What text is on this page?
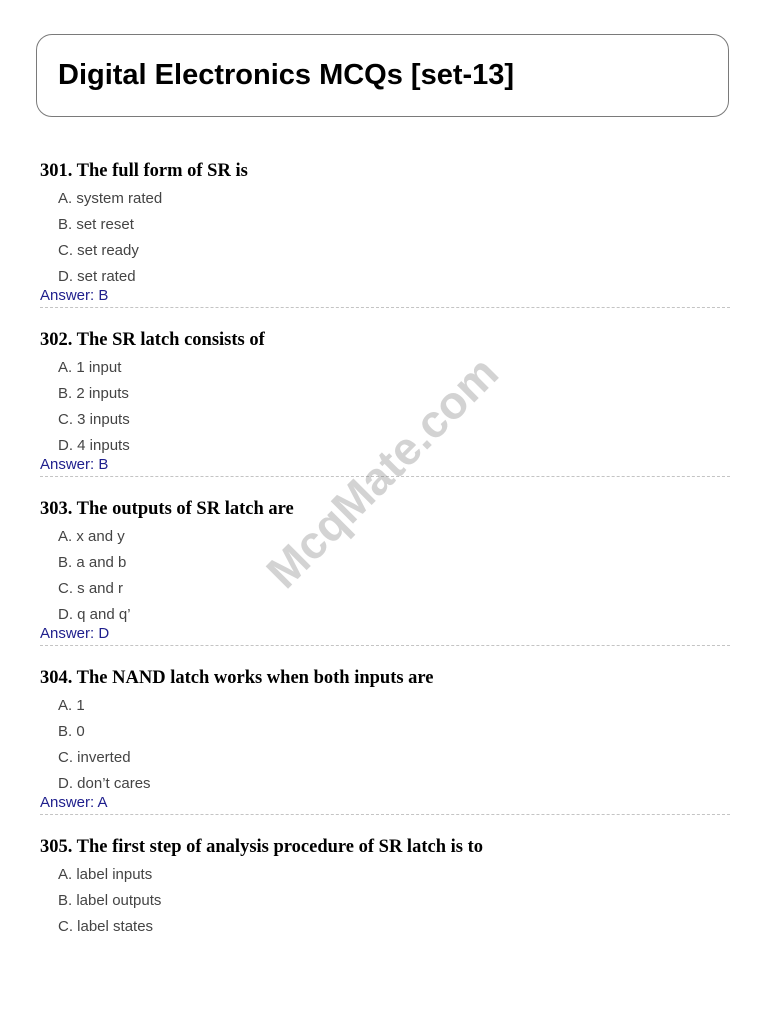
Digital Electronics MCQs [set-13]
301. The full form of SR is
A. system rated
B. set reset
C. set ready
D. set rated
Answer: B
302. The SR latch consists of
A. 1 input
B. 2 inputs
C. 3 inputs
D. 4 inputs
Answer: B
303. The outputs of SR latch are
A. x and y
B. a and b
C. s and r
D. q and q’
Answer: D
304. The NAND latch works when both inputs are
A. 1
B. 0
C. inverted
D. don’t cares
Answer: A
305. The first step of analysis procedure of SR latch is to
A. label inputs
B. label outputs
C. label states
McqMate.com
